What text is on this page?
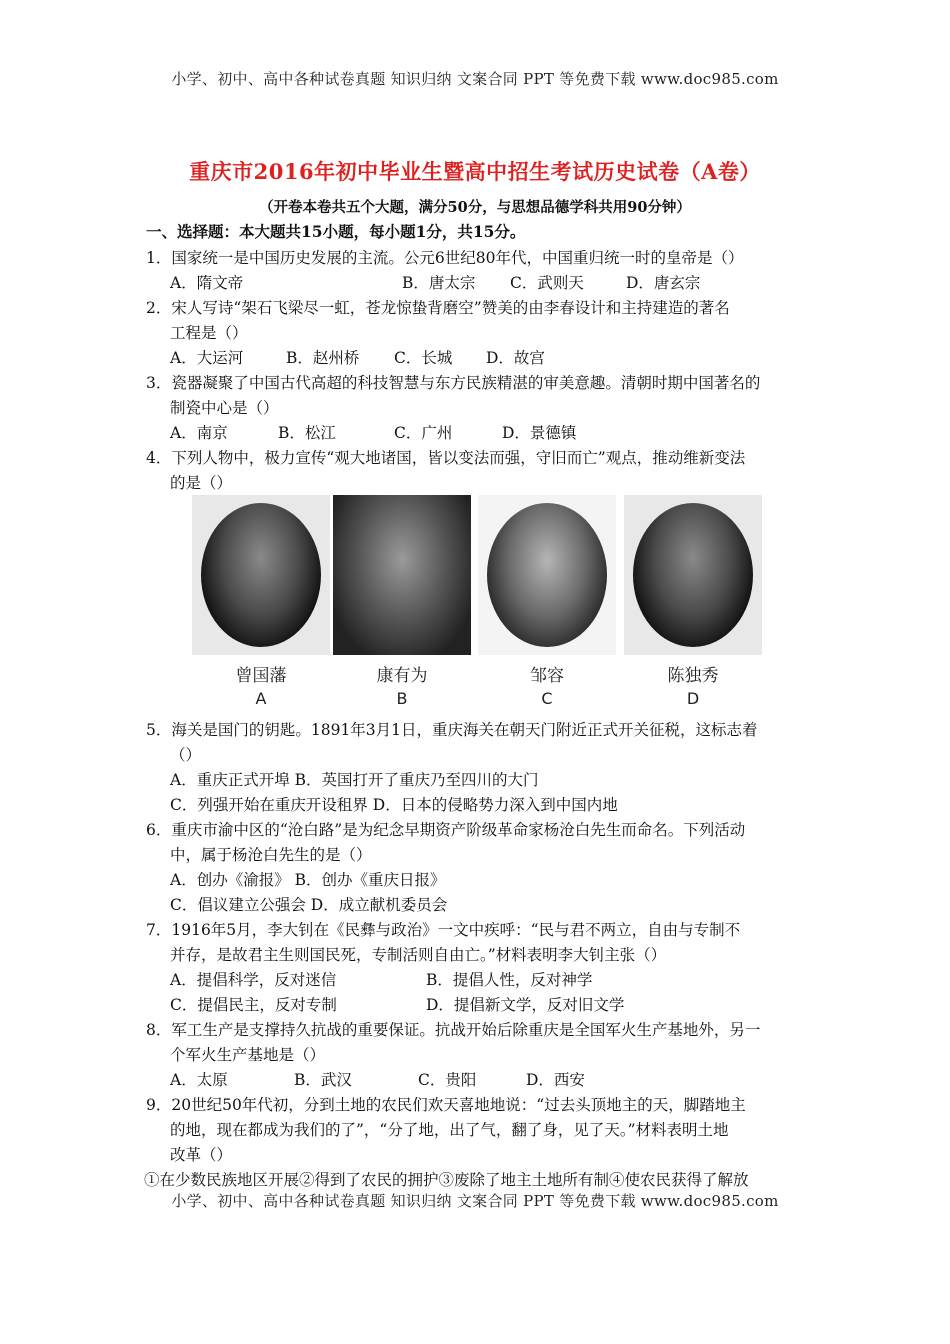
小学、初中、高中各种试卷真题 知识归纳 文案合同 PPT 等免费下载 www.doc985.com
重庆市2016年初中毕业生暨高中招生考试历史试卷（A卷）
（开卷本卷共五个大题，满分50分，与思想品德学科共用90分钟）
一、选择题：本大题共15小题，每小题1分，共15分。
1．国家统一是中国历史发展的主流。公元6世纪80年代，中国重归统一时的皇帝是（）
A．隋文帝	B．唐太宗 C．武则天	D．唐玄宗
2．宋人写诗“架石飞梁尽一虹，苍龙惊蛰背磨空”赞美的由李春设计和主持建造的著名
工程是（）
A．大运河	B．赵州桥 C．长城 D．故宫
3．瓷器凝聚了中国古代高超的科技智慧与东方民族精湛的审美意趣。清朝时期中国著名的
制瓷中心是（）
A．南京	B．松江	C．广州	D．景德镇
4．下列人物中，极力宣传“观大地诸国，皆以变法而强，守旧而亡”观点，推动维新变法
的是（）
5．海关是国门的钥匙。1891年3月1日，重庆海关在朝天门附近正式开关征税，这标志着
（）
A．重庆正式开埠 B．英国打开了重庆乃至四川的大门
C．列强开始在重庆开设租界 D．日本的侵略势力深入到中国内地
6．重庆市渝中区的“沧白路”是为纪念早期资产阶级革命家杨沧白先生而命名。下列活动
中，属于杨沧白先生的是（）
A．创办《渝报》 B．创办《重庆日报》
C．倡议建立公强会 D．成立献机委员会
7．1916年5月，李大钊在《民彝与政治》一文中疾呼：“民与君不两立，自由与专制不
并存，是故君主生则国民死，专制活则自由亡。”材料表明李大钊主张（）
A．提倡科学，反对迷信	B．提倡人性，反对神学
C．提倡民主，反对专制	D．提倡新文学，反对旧文学
8．军工生产是支撑持久抗战的重要保证。抗战开始后除重庆是全国军火生产基地外，另一
个军火生产基地是（）
A．太原	B．武汉	C．贵阳	D．西安
9．20世纪50年代初，分到土地的农民们欢天喜地地说：“过去头顶地主的天，脚踏地主
的地，现在都成为我们的了”，“分了地，出了气，翻了身，见了天。”材料表明土地
改革（）
①在少数民族地区开展②得到了农民的拥护③废除了地主土地所有制④使农民获得了解放
曾国藩
A
康有为
B
邹容
C
陈独秀
D
小学、初中、高中各种试卷真题 知识归纳 文案合同 PPT 等免费下载 www.doc985.com
